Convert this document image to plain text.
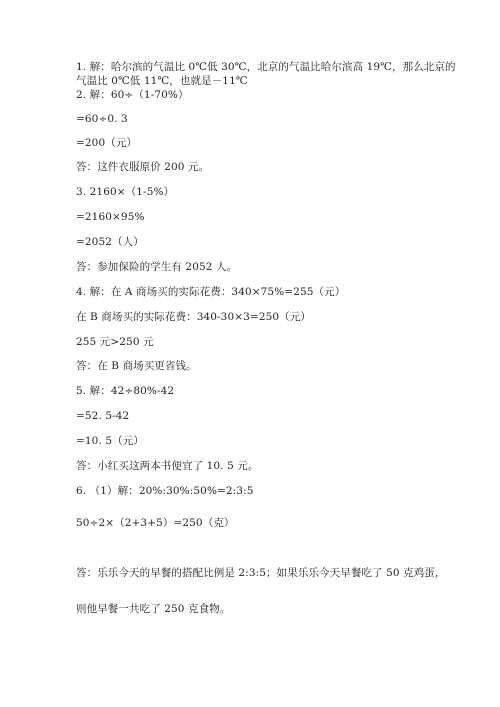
1. 解：哈尔滨的气温比 0℃低 30℃，北京的气温比哈尔滨高 19℃，那么北京的
气温比 0℃低 11℃，也就是－11℃
2. 解：60÷（1-70%）
=60÷0. 3
=200（元）
答：这件衣服原价 200 元。
3. 2160×（1-5%）
=2160×95%
=2052（人）
答：参加保险的学生有 2052 人。
4. 解：在 A 商场买的实际花费：340×75%=255（元）
在 B 商场买的实际花费：340-30×3=250（元）
255 元>250 元
答：在 B 商场买更省钱。
5. 解：42÷80%-42
=52. 5-42
=10. 5（元）
答：小红买这两本书便宜了 10. 5 元。
6. （1）解：20%:30%:50%=2:3:5
50÷2×（2+3+5）=250（克）
答：乐乐今天的早餐的搭配比例是 2:3:5；如果乐乐今天早餐吃了 50 克鸡蛋，
则他早餐一共吃了 250 克食物。
